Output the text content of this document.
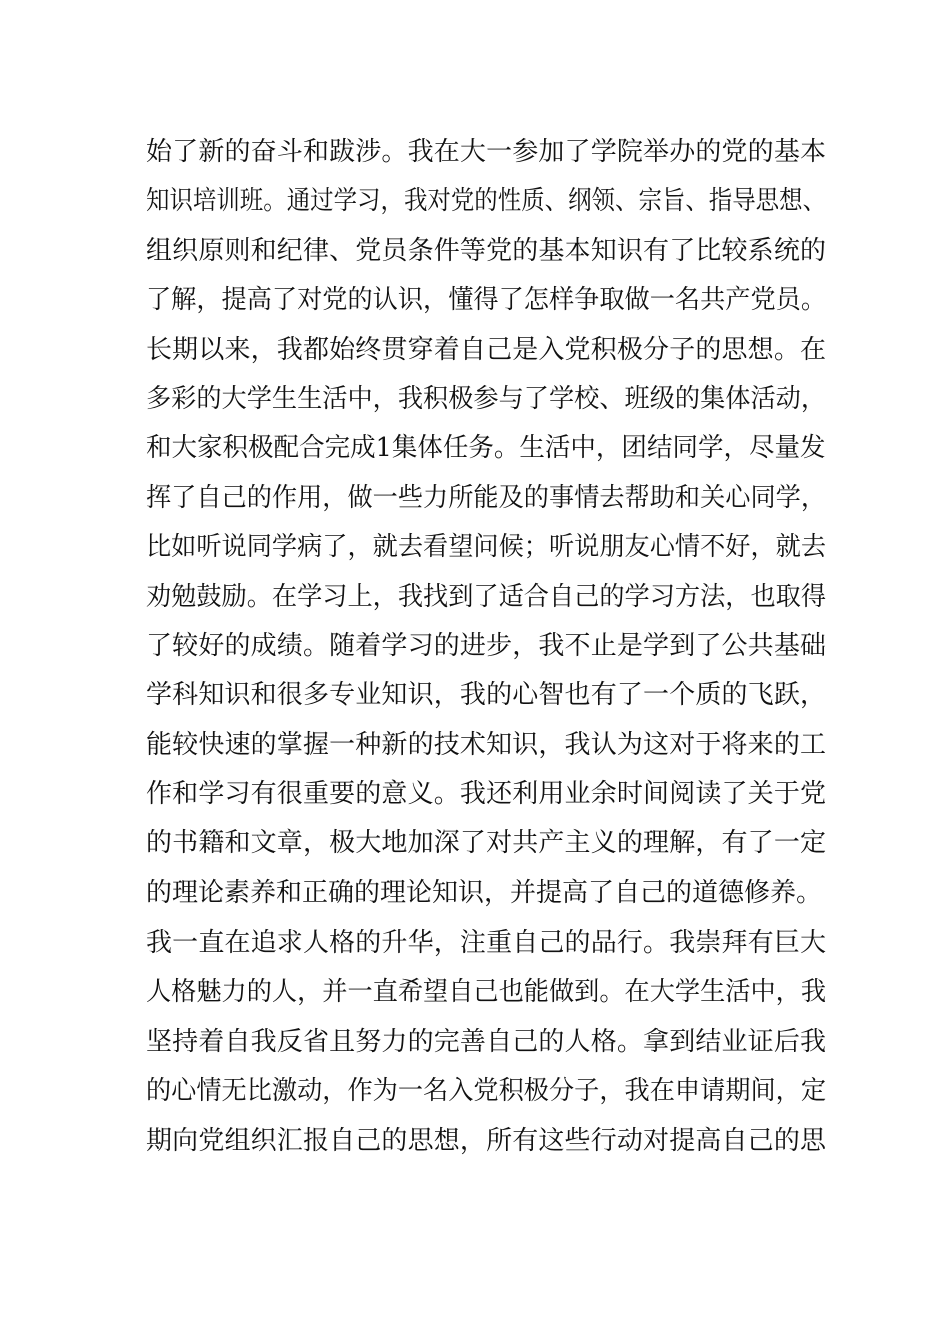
始了新的奋斗和跋涉。我在大一参加了学院举办的党的基本
知识培训班。通过学习，我对党的性质、纲领、宗旨、指导思想、
组织原则和纪律、党员条件等党的基本知识有了比较系统的
了解，提高了对党的认识，懂得了怎样争取做一名共产党员。
长期以来，我都始终贯穿着自己是入党积极分子的思想。在
多彩的大学生生活中，我积极参与了学校、班级的集体活动，
和大家积极配合完成1集体任务。生活中，团结同学，尽量发
挥了自己的作用，做一些力所能及的事情去帮助和关心同学，
比如听说同学病了，就去看望问候；听说朋友心情不好，就去
劝勉鼓励。在学习上，我找到了适合自己的学习方法，也取得
了较好的成绩。随着学习的进步，我不止是学到了公共基础
学科知识和很多专业知识，我的心智也有了一个质的飞跃，
能较快速的掌握一种新的技术知识，我认为这对于将来的工
作和学习有很重要的意义。我还利用业余时间阅读了关于党
的书籍和文章，极大地加深了对共产主义的理解，有了一定
的理论素养和正确的理论知识，并提高了自己的道德修养。
我一直在追求人格的升华，注重自己的品行。我崇拜有巨大
人格魅力的人，并一直希望自己也能做到。在大学生活中，我
坚持着自我反省且努力的完善自己的人格。拿到结业证后我
的心情无比激动，作为一名入党积极分子，我在申请期间，定
期向党组织汇报自己的思想，所有这些行动对提高自己的思
